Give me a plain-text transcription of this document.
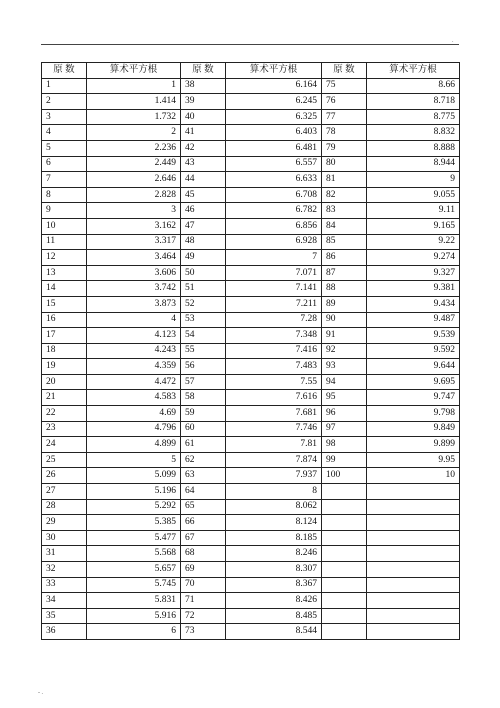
.
原 数	算术平方根	原 数	算术平方根	原 数	算术平方根
1	1	38	6.164	75	8.66
2	1.414	39	6.245	76	8.718
3	1.732	40	6.325	77	8.775
4	2	41	6.403	78	8.832
5	2.236	42	6.481	79	8.888
6	2.449	43	6.557	80	8.944
7	2.646	44	6.633	81	9
8	2.828	45	6.708	82	9.055
9	3	46	6.782	83	9.11
10	3.162	47	6.856	84	9.165
11	3.317	48	6.928	85	9.22
12	3.464	49	7	86	9.274
13	3.606	50	7.071	87	9.327
14	3.742	51	7.141	88	9.381
15	3.873	52	7.211	89	9.434
16	4	53	7.28	90	9.487
17	4.123	54	7.348	91	9.539
18	4.243	55	7.416	92	9.592
19	4.359	56	7.483	93	9.644
20	4.472	57	7.55	94	9.695
21	4.583	58	7.616	95	9.747
22	4.69	59	7.681	96	9.798
23	4.796	60	7.746	97	9.849
24	4.899	61	7.81	98	9.899
25	5	62	7.874	99	9.95
26	5.099	63	7.937	100	10
27	5.196	64	8		
28	5.292	65	8.062		
29	5.385	66	8.124		
30	5.477	67	8.185		
31	5.568	68	8.246		
32	5.657	69	8.307		
33	5.745	70	8.367		
34	5.831	71	8.426		
35	5.916	72	8.485		
36	6	73	8.544		
- .
